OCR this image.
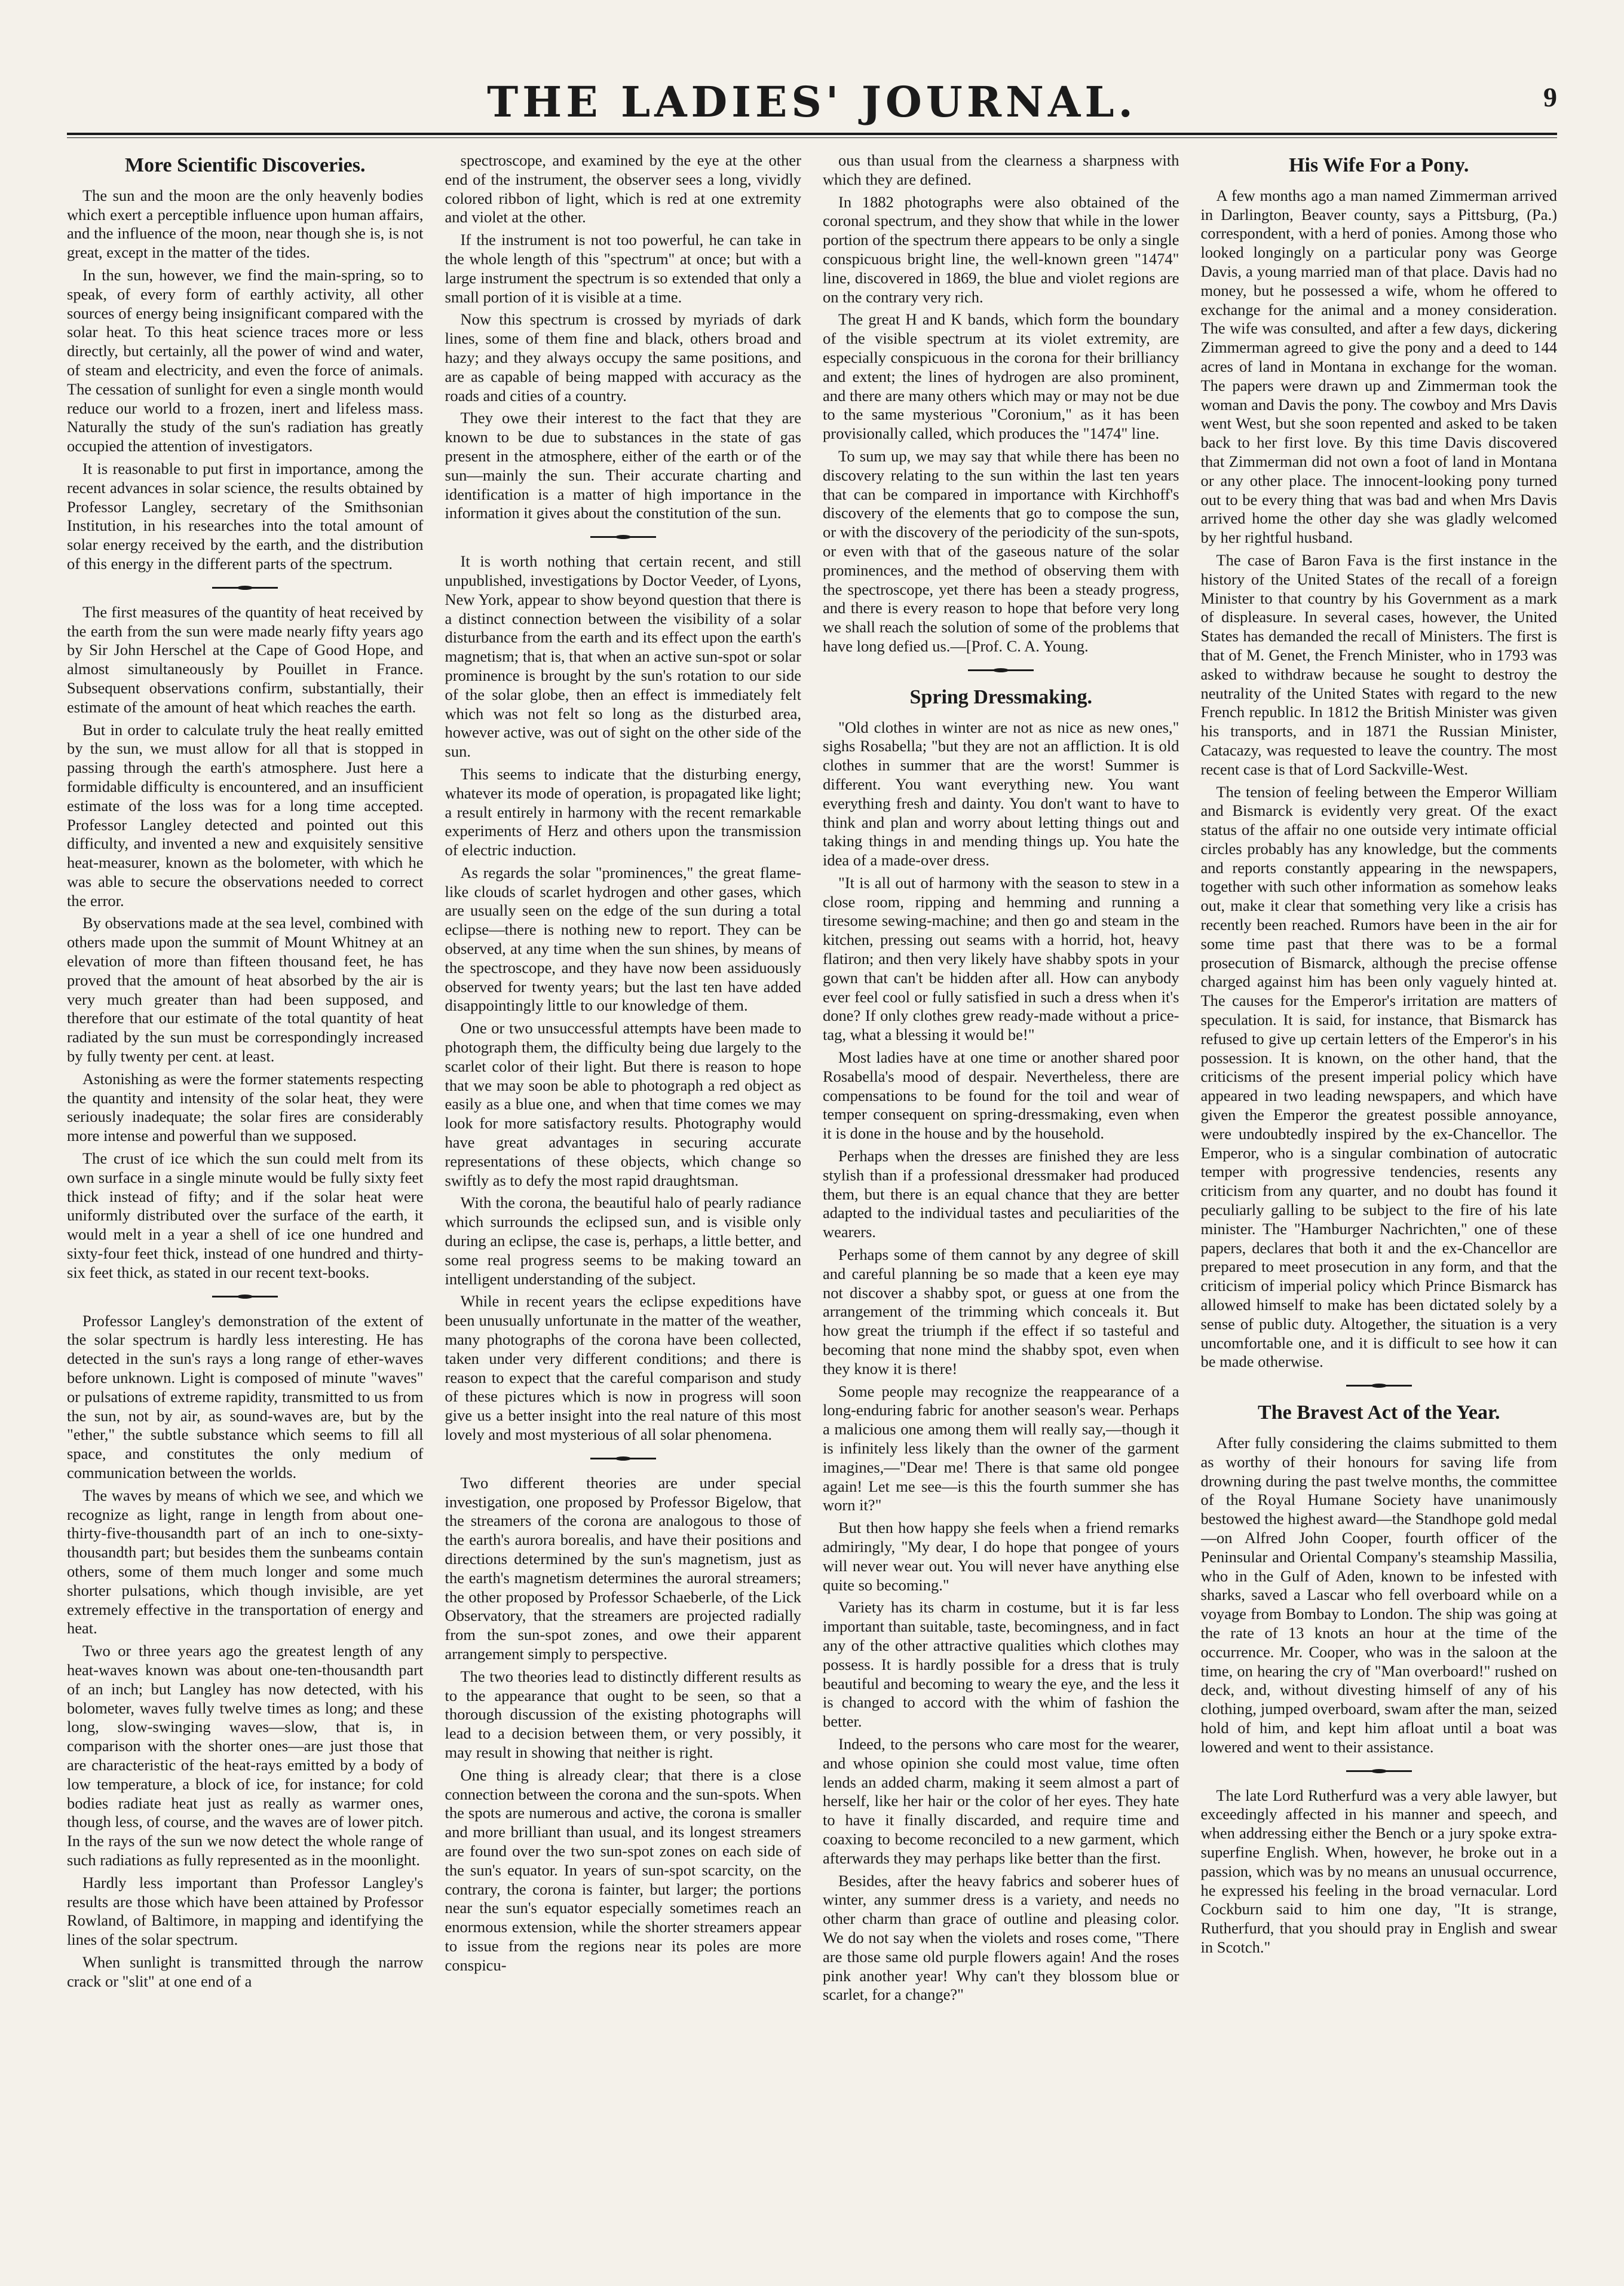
THE LADIES' JOURNAL.	9
More Scientific Discoveries.

The sun and the moon are the only heavenly bodies which exert a perceptible influence upon human affairs, and the influence of the moon, near though she is, is not great, except in the matter of the tides.

In the sun, however, we find the main-spring, so to speak, of every form of earthly activity, all other sources of energy being insignificant compared with the solar heat. To this heat science traces more or less directly, but certainly, all the power of wind and water, of steam and electricity, and even the force of animals. The cessation of sunlight for even a single month would reduce our world to a frozen, inert and lifeless mass. Naturally the study of the sun's radiation has greatly occupied the attention of investigators.

It is reasonable to put first in importance, among the recent advances in solar science, the results obtained by Professor Langley, secretary of the Smithsonian Institution, in his researches into the total amount of solar energy received by the earth, and the distribution of this energy in the different parts of the spectrum.

The first measures of the quantity of heat received by the earth from the sun were made nearly fifty years ago by Sir John Herschel at the Cape of Good Hope, and almost simultaneously by Pouillet in France. Subsequent observations confirm, substantially, their estimate of the amount of heat which reaches the earth.

But in order to calculate truly the heat really emitted by the sun, we must allow for all that is stopped in passing through the earth's atmosphere. Just here a formidable difficulty is encountered, and an insufficient estimate of the loss was for a long time accepted. Professor Langley detected and pointed out this difficulty, and invented a new and exquisitely sensitive heat-measurer, known as the bolometer, with which he was able to secure the observations needed to correct the error.

By observations made at the sea level, combined with others made upon the summit of Mount Whitney at an elevation of more than fifteen thousand feet, he has proved that the amount of heat absorbed by the air is very much greater than had been supposed, and therefore that our estimate of the total quantity of heat radiated by the sun must be correspondingly increased by fully twenty per cent. at least.

Astonishing as were the former statements respecting the quantity and intensity of the solar heat, they were seriously inadequate; the solar fires are considerably more intense and powerful than we supposed.

The crust of ice which the sun could melt from its own surface in a single minute would be fully sixty feet thick instead of fifty; and if the solar heat were uniformly distributed over the surface of the earth, it would melt in a year a shell of ice one hundred and sixty-four feet thick, instead of one hundred and thirty-six feet thick, as stated in our recent text-books.

Professor Langley's demonstration of the extent of the solar spectrum is hardly less interesting. He has detected in the sun's rays a long range of ether-waves before unknown. Light is composed of minute "waves" or pulsations of extreme rapidity, transmitted to us from the sun, not by air, as sound-waves are, but by the "ether," the subtle substance which seems to fill all space, and constitutes the only medium of communication between the worlds.

The waves by means of which we see, and which we recognize as light, range in length from about one-thirty-five-thousandth part of an inch to one-sixty-thousandth part; but besides them the sunbeams contain others, some of them much longer and some much shorter pulsations, which though invisible, are yet extremely effective in the transportation of energy and heat.

Two or three years ago the greatest length of any heat-waves known was about one-ten-thousandth part of an inch; but Langley has now detected, with his bolometer, waves fully twelve times as long; and these long, slow-swinging waves—slow, that is, in comparison with the shorter ones—are just those that are characteristic of the heat-rays emitted by a body of low temperature, a block of ice, for instance; for cold bodies radiate heat just as really as warmer ones, though less, of course, and the waves are of lower pitch. In the rays of the sun we now detect the whole range of such radiations as fully represented as in the moonlight.

Hardly less important than Professor Langley's results are those which have been attained by Professor Rowland, of Baltimore, in mapping and identifying the lines of the solar spectrum.

When sunlight is transmitted through the narrow crack or "slit" at one end of a

spectroscope, and examined by the eye at the other end of the instrument, the observer sees a long, vividly colored ribbon of light, which is red at one extremity and violet at the other.

If the instrument is not too powerful, he can take in the whole length of this "spectrum" at once; but with a large instrument the spectrum is so extended that only a small portion of it is visible at a time.

Now this spectrum is crossed by myriads of dark lines, some of them fine and black, others broad and hazy; and they always occupy the same positions, and are as capable of being mapped with accuracy as the roads and cities of a country.

They owe their interest to the fact that they are known to be due to substances in the state of gas present in the atmosphere, either of the earth or of the sun—mainly the sun. Their accurate charting and identification is a matter of high importance in the information it gives about the constitution of the sun.

It is worth nothing that certain recent, and still unpublished, investigations by Doctor Veeder, of Lyons, New York, appear to show beyond question that there is a distinct connection between the visibility of a solar disturbance from the earth and its effect upon the earth's magnetism; that is, that when an active sun-spot or solar prominence is brought by the sun's rotation to our side of the solar globe, then an effect is immediately felt which was not felt so long as the disturbed area, however active, was out of sight on the other side of the sun.

This seems to indicate that the disturbing energy, whatever its mode of operation, is propagated like light; a result entirely in harmony with the recent remarkable experiments of Herz and others upon the transmission of electric induction.

As regards the solar "prominences," the great flame-like clouds of scarlet hydrogen and other gases, which are usually seen on the edge of the sun during a total eclipse—there is nothing new to report. They can be observed, at any time when the sun shines, by means of the spectroscope, and they have now been assiduously observed for twenty years; but the last ten have added disappointingly little to our knowledge of them.

One or two unsuccessful attempts have been made to photograph them, the difficulty being due largely to the scarlet color of their light. But there is reason to hope that we may soon be able to photograph a red object as easily as a blue one, and when that time comes we may look for more satisfactory results. Photography would have great advantages in securing accurate representations of these objects, which change so swiftly as to defy the most rapid draughtsman.

With the corona, the beautiful halo of pearly radiance which surrounds the eclipsed sun, and is visible only during an eclipse, the case is, perhaps, a little better, and some real progress seems to be making toward an intelligent understanding of the subject.

While in recent years the eclipse expeditions have been unusually unfortunate in the matter of the weather, many photographs of the corona have been collected, taken under very different conditions; and there is reason to expect that the careful comparison and study of these pictures which is now in progress will soon give us a better insight into the real nature of this most lovely and most mysterious of all solar phenomena.

Two different theories are under special investigation, one proposed by Professor Bigelow, that the streamers of the corona are analogous to those of the earth's aurora borealis, and have their positions and directions determined by the sun's magnetism, just as the earth's magnetism determines the auroral streamers; the other proposed by Professor Schaeberle, of the Lick Observatory, that the streamers are projected radially from the sun-spot zones, and owe their apparent arrangement simply to perspective.

The two theories lead to distinctly different results as to the appearance that ought to be seen, so that a thorough discussion of the existing photographs will lead to a decision between them, or very possibly, it may result in showing that neither is right.

One thing is already clear; that there is a close connection between the corona and the sun-spots. When the spots are numerous and active, the corona is smaller and more brilliant than usual, and its longest streamers are found over the two sun-spot zones on each side of the sun's equator. In years of sun-spot scarcity, on the contrary, the corona is fainter, but larger; the portions near the sun's equator especially sometimes reach an enormous extension, while the shorter streamers appear to issue from the regions near its poles are more conspicu-

ous than usual from the clearness a sharpness with which they are defined.

In 1882 photographs were also obtained of the coronal spectrum, and they show that while in the lower portion of the spectrum there appears to be only a single conspicuous bright line, the well-known green "1474" line, discovered in 1869, the blue and violet regions are on the contrary very rich.

The great H and K bands, which form the boundary of the visible spectrum at its violet extremity, are especially conspicuous in the corona for their brilliancy and extent; the lines of hydrogen are also prominent, and there are many others which may or may not be due to the same mysterious "Coronium," as it has been provisionally called, which produces the "1474" line.

To sum up, we may say that while there has been no discovery relating to the sun within the last ten years that can be compared in importance with Kirchhoff's discovery of the elements that go to compose the sun, or with the discovery of the periodicity of the sun-spots, or even with that of the gaseous nature of the solar prominences, and the method of observing them with the spectroscope, yet there has been a steady progress, and there is every reason to hope that before very long we shall reach the solution of some of the problems that have long defied us.—[Prof. C. A. Young.

Spring Dressmaking.

"Old clothes in winter are not as nice as new ones," sighs Rosabella; "but they are not an affliction. It is old clothes in summer that are the worst! Summer is different. You want everything new. You want everything fresh and dainty. You don't want to have to think and plan and worry about letting things out and taking things in and mending things up. You hate the idea of a made-over dress.

"It is all out of harmony with the season to stew in a close room, ripping and hemming and running a tiresome sewing-machine; and then go and steam in the kitchen, pressing out seams with a horrid, hot, heavy flatiron; and then very likely have shabby spots in your gown that can't be hidden after all. How can anybody ever feel cool or fully satisfied in such a dress when it's done? If only clothes grew ready-made without a price-tag, what a blessing it would be!"

Most ladies have at one time or another shared poor Rosabella's mood of despair. Nevertheless, there are compensations to be found for the toil and wear of temper consequent on spring-dressmaking, even when it is done in the house and by the household.

Perhaps when the dresses are finished they are less stylish than if a professional dressmaker had produced them, but there is an equal chance that they are better adapted to the individual tastes and peculiarities of the wearers.

Perhaps some of them cannot by any degree of skill and careful planning be so made that a keen eye may not discover a shabby spot, or guess at one from the arrangement of the trimming which conceals it. But how great the triumph if the effect if so tasteful and becoming that none mind the shabby spot, even when they know it is there!

Some people may recognize the reappearance of a long-enduring fabric for another season's wear. Perhaps a malicious one among them will really say,—though it is infinitely less likely than the owner of the garment imagines,—"Dear me! There is that same old pongee again! Let me see—is this the fourth summer she has worn it?"

But then how happy she feels when a friend remarks admiringly, "My dear, I do hope that pongee of yours will never wear out. You will never have anything else quite so becoming."

Variety has its charm in costume, but it is far less important than suitable, taste, becomingness, and in fact any of the other attractive qualities which clothes may possess. It is hardly possible for a dress that is truly beautiful and becoming to weary the eye, and the less it is changed to accord with the whim of fashion the better.

Indeed, to the persons who care most for the wearer, and whose opinion she could most value, time often lends an added charm, making it seem almost a part of herself, like her hair or the color of her eyes. They hate to have it finally discarded, and require time and coaxing to become reconciled to a new garment, which afterwards they may perhaps like better than the first.

Besides, after the heavy fabrics and soberer hues of winter, any summer dress is a variety, and needs no other charm than grace of outline and pleasing color. We do not say when the violets and roses come, "There are those same old purple flowers again! And the roses pink another year! Why can't they blossom blue or scarlet, for a change?"

His Wife For a Pony.

A few months ago a man named Zimmerman arrived in Darlington, Beaver county, says a Pittsburg, (Pa.) correspondent, with a herd of ponies. Among those who looked longingly on a particular pony was George Davis, a young married man of that place. Davis had no money, but he possessed a wife, whom he offered to exchange for the animal and a money consideration. The wife was consulted, and after a few days, dickering Zimmerman agreed to give the pony and a deed to 144 acres of land in Montana in exchange for the woman. The papers were drawn up and Zimmerman took the woman and Davis the pony. The cowboy and Mrs Davis went West, but she soon repented and asked to be taken back to her first love. By this time Davis discovered that Zimmerman did not own a foot of land in Montana or any other place. The innocent-looking pony turned out to be every thing that was bad and when Mrs Davis arrived home the other day she was gladly welcomed by her rightful husband.

The case of Baron Fava is the first instance in the history of the United States of the recall of a foreign Minister to that country by his Government as a mark of displeasure. In several cases, however, the United States has demanded the recall of Ministers. The first is that of M. Genet, the French Minister, who in 1793 was asked to withdraw because he sought to destroy the neutrality of the United States with regard to the new French republic. In 1812 the British Minister was given his transports, and in 1871 the Russian Minister, Catacazy, was requested to leave the country. The most recent case is that of Lord Sackville-West.

The tension of feeling between the Emperor William and Bismarck is evidently very great. Of the exact status of the affair no one outside very intimate official circles probably has any knowledge, but the comments and reports constantly appearing in the newspapers, together with such other information as somehow leaks out, make it clear that something very like a crisis has recently been reached. Rumors have been in the air for some time past that there was to be a formal prosecution of Bismarck, although the precise offense charged against him has been only vaguely hinted at. The causes for the Emperor's irritation are matters of speculation. It is said, for instance, that Bismarck has refused to give up certain letters of the Emperor's in his possession. It is known, on the other hand, that the criticisms of the present imperial policy which have appeared in two leading newspapers, and which have given the Emperor the greatest possible annoyance, were undoubtedly inspired by the ex-Chancellor. The Emperor, who is a singular combination of autocratic temper with progressive tendencies, resents any criticism from any quarter, and no doubt has found it peculiarly galling to be subject to the fire of his late minister. The "Hamburger Nachrichten," one of these papers, declares that both it and the ex-Chancellor are prepared to meet prosecution in any form, and that the criticism of imperial policy which Prince Bismarck has allowed himself to make has been dictated solely by a sense of public duty. Altogether, the situation is a very uncomfortable one, and it is difficult to see how it can be made otherwise.

The Bravest Act of the Year.

After fully considering the claims submitted to them as worthy of their honours for saving life from drowning during the past twelve months, the committee of the Royal Humane Society have unanimously bestowed the highest award—the Standhope gold medal—on Alfred John Cooper, fourth officer of the Peninsular and Oriental Company's steamship Massilia, who in the Gulf of Aden, known to be infested with sharks, saved a Lascar who fell overboard while on a voyage from Bombay to London. The ship was going at the rate of 13 knots an hour at the time of the occurrence. Mr. Cooper, who was in the saloon at the time, on hearing the cry of "Man overboard!" rushed on deck, and, without divesting himself of any of his clothing, jumped overboard, swam after the man, seized hold of him, and kept him afloat until a boat was lowered and went to their assistance.

The late Lord Rutherfurd was a very able lawyer, but exceedingly affected in his manner and speech, and when addressing either the Bench or a jury spoke extra-superfine English. When, however, he broke out in a passion, which was by no means an unusual occurrence, he expressed his feeling in the broad vernacular. Lord Cockburn said to him one day, "It is strange, Rutherfurd, that you should pray in English and swear in Scotch."
